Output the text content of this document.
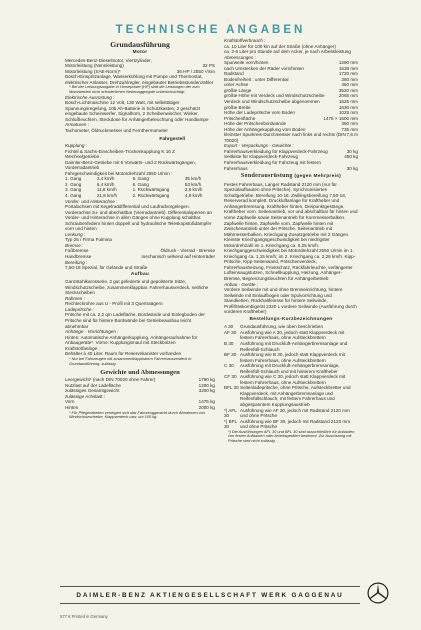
TECHNISCHE ANGABEN
Grundausführung
Motor
Mercedes-Benz-Dieselmotor, Viertzylinder,
Motorleistung (Nennleistung)	32 PS
Motorleistung (SAE-Norm)*	36 HP / 2550 ¹/min
Bosch-Einspritzanlage, Wasserkühlung mit Pumpe und Thermostat, elektrischer Anlasser, Drehzahlregler, eingebauter Betriebsstundenzähler
* Bei der Leistungsangabe in Horsepower (HP) sind die Leistungen der zum Motorbetrieb nicht erforderlichen Nebenaggregate unberücksichtigt.
Elektrische Ausrüstung :
Bosch-Lichtmaschine 12 Volt, 130 Watt, mit selbsttätiger Spannungsregelung, 105 Ah-Batterie in Schutzkasten, 2 geschützt eingebaute Scheinwerfer, Signalhorn, 2 Scheibenwischer, Winker, Schlußleuchten, Steckdose für Anhängerbeleuchtung oder Handlampe
Armaturen :
Tachometer, Öldruckmesser und Fernthermometer
Fahrgestell
Kupplung :
Fichtel & Sachs-Einscheiben-Trockenkupplung K 16 Z
Wechselgetriebe :
Daimler-Benz-Getriebe mit 6 Vorwärts- und 2 Rückwärtsgängen, Vorderradantrieb
Fahrgeschwindigkeit bei Motordrehzahl 2550 U/min :
1. Gang	3,4 km/h	5. Gang	35 km/h
2. Gang	6,4 km/h	6. Gang	53 km/h
3. Gang	11,8 km/h	1. Rückwärtsgang	2,6 km/h
4. Gang	21,8 km/h	2. Rückwärtsgang	4,8 km/h
Vorder- und Hinterachse :
Portalachsen mit Kegelraddifferential und Laufradvorgelegen. Vorderachse zu- und abschaltbar (Vierradantrieb). Differentialsperren an Vorder- und Hinterachse in allen Gängen ohne Kupplung schaltbar. Schraubenfedern hinten doppelt und hydraulische Teleskopstoßdämpfer vorn und hinten
Lenkung :
Typ 25 / Firma Fulmina
Bremse :
Fußbremse	Öldruck - Vierrad - Bremse
Handbremse	mechanisch wirkend auf Hinterräder
Bereifung :
7,50-18 Spezial, für Gelände und Straße
Aufbau
Ganzstahlkarosserie, 2 gut gefederte und gepolsterte Sitze, Windschutzscheibe, zusammenklappbar. Fahrerhausverdeck, seitliche Steckscheiben
Rahmen :
Rechteckrohre aus U - Profil mit 3 Quertraägern
Ladepritsche :
Pritsche mit ca. 2,2 qm Ladefläche. Bordwände und Einlegboden der Pritsche sind für hintere Bordwände bei Getriebeausbau leicht abnehmbar
Anhänge - Vorrichtungen :
Hinten: Automatische Anhängerkupplung, Anhängeraufnahme für Anbaugeräte*. Vorne: Kupplungsmaul mit Steckbolzen
Kraftstoffanlage :
Behälter à 40 Liter. Raum für Reservekanister vorhanden
* Nur bei Fahrzeugen mit zusammenklappbarem Fahrerhausverdeck in Grundausführung, zulässig.
Gewichte und Abmessungen
Leergewicht* (nach DIN 70020 ohne Fahrer)	1790 kg
Nutzlast auf der Ladefläche	1200 kg
zulässiges Gesamtgewicht	3200 kg
zulässige Achslast :
Vorn	1475 kg
Hinten	2000 kg
* Für Pflegearbeiten verringert sich das Fahrzeuggewicht durch Abnahmen von Windschutzscheibe, Klappverdeck usw. um 105 kg.
Kraftstoffverbrauch :
ca. 10 Liter für 100 km auf der Straße (ohne Anhänger)
ca. 2-6 Liter pro Stunde auf dem Acker, je nach Arbeitsleistung
Abmessungen :
Spurweite vorn/hinten	1290 mm
nach Umstecken der Räder vorn/hinten	1538 mm
Radstand	1720 mm
Bodenfreiheit : unter Differential	380 mm
unter Achse	460 mm
größte Länge	3520 mm
größte Höhe mit Verdeck und Windschutzscheibe	2065 mm
Verdeck und Windschutzscheibe abgenommen	1625 mm
größte Breite	1630 mm
Höhe der Ladepritsche vom Boden	1025 mm
Pritschenfläche	1475 × 1500 mm
Höhe der Pritschenbordwände	360 mm
Höhe der Anhängekupplung vom Boden	735 mm
kleinster Spurkreis-Durchmesser nach links und rechts (DIN 70020)
7,6 m
Export - Verpackungs - Gewichte :
Fahrerhausverkleidung für Klappverdeck-Fahrzeug	30 kg
Seitkiste für Klappverdeck-Fahrzeug	450 kg
Fahrerhausverkleidung für Fahrzeug mit festem
Fahrerhaus	30 kg
Sonderausrüstung (gegen Mehrpreis)
Festes Fahrerhaus, Langer Radstand 2120 mm (nur für Spezialaufbauten ohne Pritsche). Synchronisiertes Schaltgetriebe. Bereifung 10-18. Zwillingsbereifung 7,50-18, Reserverad komplett. Druckluftanlage für Kraftheber und Anhängerbremsung. Kraftheber hinten, Dreipunktgestänge, Kraftheber vorn. Seitenantrieb, vor und abschaltbar für hinten und vorne Zapfwelle sowie Seitenantrieb für Kornmesserbalken. Zapfwelle hinten, Zapfwelle vorn, Zapfwelle hinten mit Zwischenantrieb unter der Pritsche. Seitenantrieb mit Mähmesserbalken. Kriechgang-Zusatzgetriebe mit 2 Gängen. Kleinste Kriechgangsgeschwindigkeit bei niedrigster Motordrehzahl im 1. Kriechgang ca. 0,25 km/h. Kriechganggeschwindigkeit bei Motordrehzahl 2550 U/min im 1. Kriechgang ca. 1,15 km/h; im 2. Kriechgang ca. 2,28 km/h. Kipp-Pritsche, Kipp-Seitenwand, Pritschenverdeck, Fahrerhausheizung, Frostschutz, Rückfahrleuchte, verlängerter Lufteinsaugstutzen, Schnellkupplung, Heizung, Anhänger-Bremse, Begrenzungsleuchten für Anhängerbetrieb
Anbau - Geräte :
Vordere Seilwinde mit und ohne Bremseinrichtung, hintere Seilwinde mit Einlaufbogen oder Spulvorrichtung und Standketten, Rückhaltfeinsse für hintere Seilwinde, Profilfräskombigerät 2320 L vordere Seilwinde (Ausführung durch vorderen Kraftheber)
Bestellungs-Kurzbezeichnungen
A 30	Grundausführung, wie oben beschrieben
AF 30 Ausführung wie A 30, jedoch statt Klappverdeck mit festem Fahrerhaus, ohne Aufsteckbrettern
B 30	Ausführung mit Druckluft-Anhängerbremsanlage und Reifenfüll-Schlauch
BF 30 Ausführung wie B 30, jedoch statt Klappverdeck mit festem Fahrerhaus, ohne Aufsteckbrettern
C 30	Ausführung mit Druckluft-Anhängerbremsanlage, Reifenfüll-Schlauch und mit hinterem Kraftheber
CF 30 Ausführung wie C 30, jedoch statt Klappverdeck mit festem Fahrerhaus, ohne Aufsteckbrettern
BFL 30 Seitenladepritsche, ohne Pritsche, Aufsteckbretter und Klappverdeck, mit Anhängerbremsanlage und Reifenfüllschlauch, mit festem Fahrerhaus und abgespanntem Kupplungsaustrieb
*) AFL 30
Ausführung wie AF 30, jedoch mit Radstand 2120 mm und ohne Pritsche
*) BFL 30
Ausführung wie BF 30, jedoch mit Radstand 2120 mm und ohne Pritsche
*) Die Ausführungen AFL 30 und BFL 30 sind ausschließlich für Anbauten von festen Aufbauten oder Arbeitsgeräten bestimmt. Zur Ausrüstung mit Pritsche sind nicht zulässig.
DAIMLER-BENZ AKTIENGESELLSCHAFT WERK GAGGENAU
577 € Printed in Germany
